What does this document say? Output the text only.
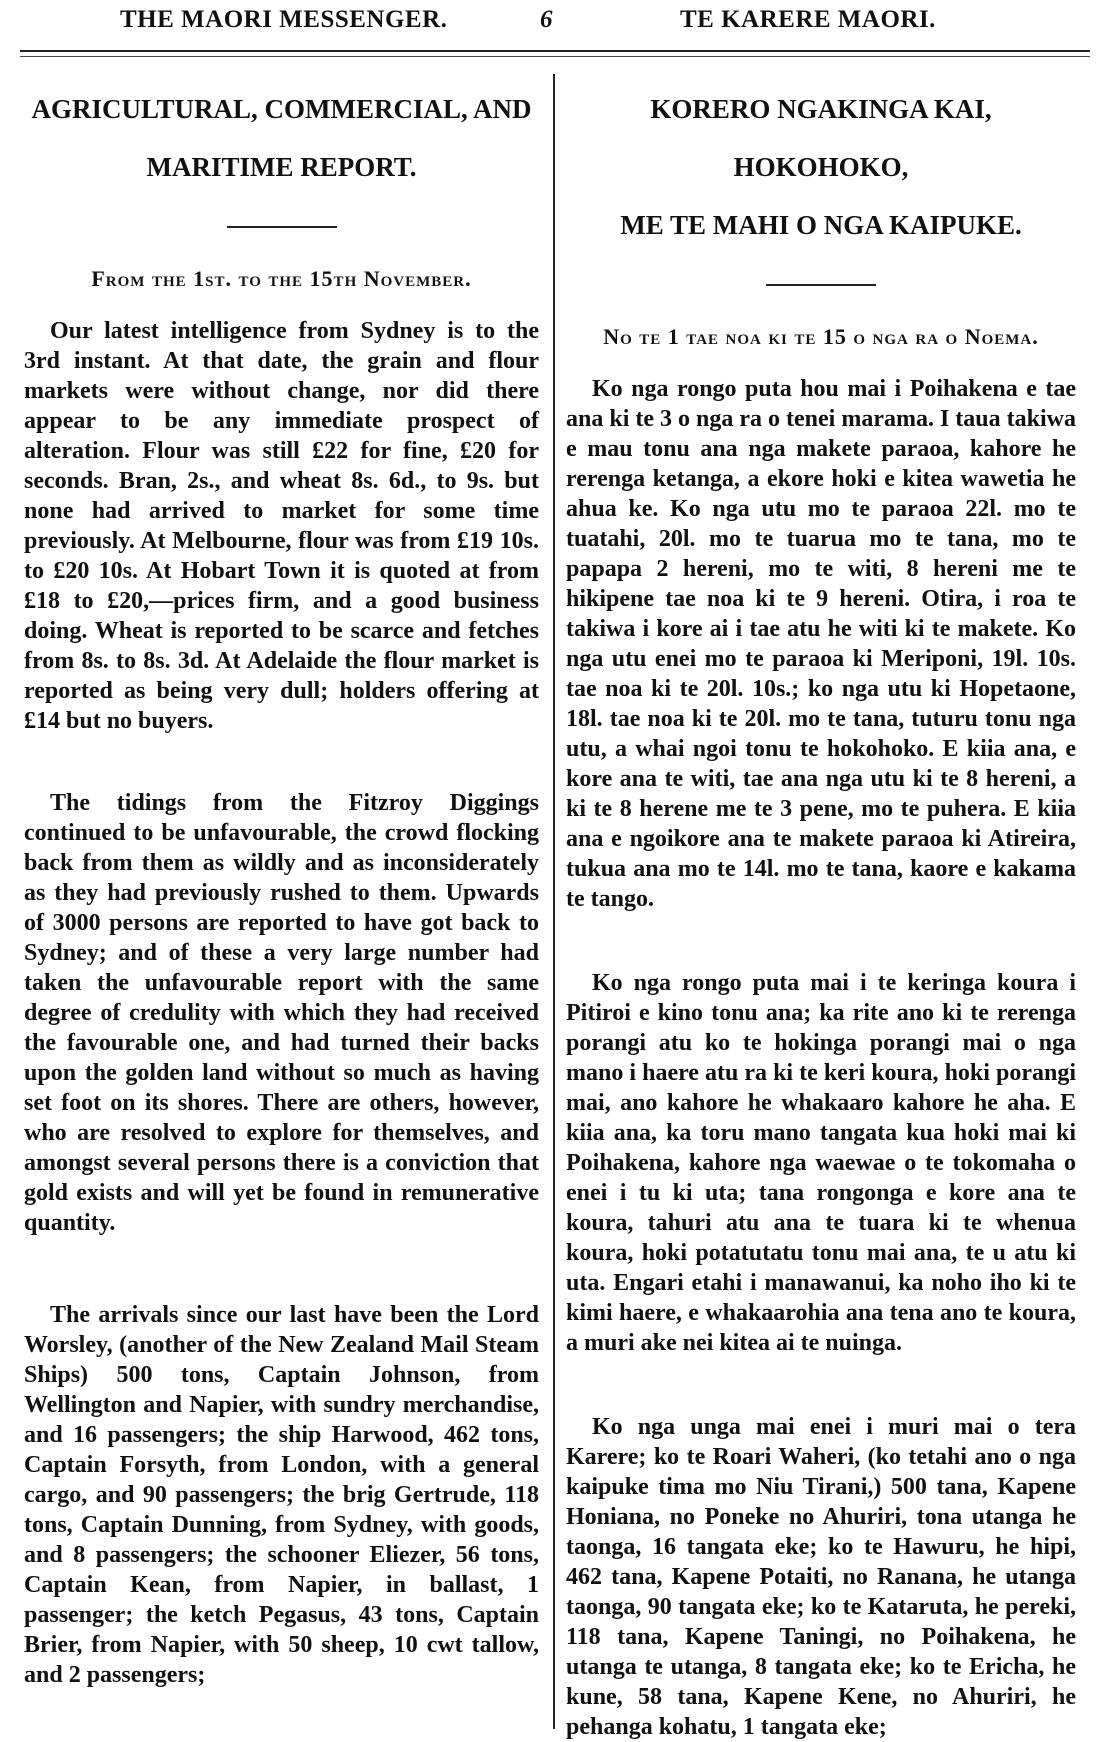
THE MAORI MESSENGER.	6	TE KARERE MAORI.

AGRICULTURAL, COMMERCIAL, AND

MARITIME REPORT.

From the 1st. to the 15th November.

Our latest intelligence from Sydney is to the 3rd instant. At that date, the grain and flour markets were without change, nor did there appear to be any immediate prospect of alteration. Flour was still £22 for fine, £20 for seconds. Bran, 2s., and wheat 8s. 6d., to 9s. but none had arrived to market for some time previously. At Melbourne, flour was from £19 10s. to £20 10s. At Hobart Town it is quoted at from £18 to £20,—prices firm, and a good business doing. Wheat is reported to be scarce and fetches from 8s. to 8s. 3d. At Adelaide the flour market is reported as being very dull; holders offering at £14 but no buyers.

The tidings from the Fitzroy Diggings continued to be unfavourable, the crowd flocking back from them as wildly and as inconsiderately as they had previously rushed to them. Upwards of 3000 persons are reported to have got back to Sydney; and of these a very large number had taken the unfavourable report with the same degree of credulity with which they had received the favourable one, and had turned their backs upon the golden land without so much as having set foot on its shores. There are others, however, who are resolved to explore for themselves, and amongst several persons there is a conviction that gold exists and will yet be found in remunerative quantity.

The arrivals since our last have been the Lord Worsley, (another of the New Zealand Mail Steam Ships) 500 tons, Captain Johnson, from Wellington and Napier, with sundry merchandise, and 16 passengers; the ship Harwood, 462 tons, Captain Forsyth, from London, with a general cargo, and 90 passengers; the brig Gertrude, 118 tons, Captain Dunning, from Sydney, with goods, and 8 passengers; the schooner Eliezer, 56 tons, Captain Kean, from Napier, in ballast, 1 passenger; the ketch Pegasus, 43 tons, Captain Brier, from Napier, with 50 sheep, 10 cwt tallow, and 2 passengers;

KORERO NGAKINGA KAI, HOKOHOKO,

ME TE MAHI O NGA KAIPUKE.

No te 1 tae noa ki te 15 o nga ra o Noema.

Ko nga rongo puta hou mai i Poihakena e tae ana ki te 3 o nga ra o tenei marama. I taua takiwa e mau tonu ana nga makete paraoa, kahore he rerenga ketanga, a ekore hoki e kitea wawetia he ahua ke. Ko nga utu mo te paraoa 22l. mo te tuatahi, 20l. mo te tuarua mo te tana, mo te papapa 2 hereni, mo te witi, 8 hereni me te hikipene tae noa ki te 9 hereni. Otira, i roa te takiwa i kore ai i tae atu he witi ki te makete. Ko nga utu enei mo te paraoa ki Meriponi, 19l. 10s. tae noa ki te 20l. 10s.; ko nga utu ki Hopetaone, 18l. tae noa ki te 20l. mo te tana, tuturu tonu nga utu, a whai ngoi tonu te hokohoko. E kiia ana, e kore ana te witi, tae ana nga utu ki te 8 hereni, a ki te 8 herene me te 3 pene, mo te puhera. E kiia ana e ngoikore ana te makete paraoa ki Atireira, tukua ana mo te 14l. mo te tana, kaore e kakama te tango.

Ko nga rongo puta mai i te keringa koura i Pitiroi e kino tonu ana; ka rite ano ki te rerenga porangi atu ko te hokinga porangi mai o nga mano i haere atu ra ki te keri koura, hoki porangi mai, ano kahore he whakaaro kahore he aha. E kiia ana, ka toru mano tangata kua hoki mai ki Poihakena, kahore nga waewae o te tokomaha o enei i tu ki uta; tana rongonga e kore ana te koura, tahuri atu ana te tuara ki te whenua koura, hoki potatutatu tonu mai ana, te u atu ki uta. Engari etahi i manawanui, ka noho iho ki te kimi haere, e whakaarohia ana tena ano te koura, a muri ake nei kitea ai te nuinga.

Ko nga unga mai enei i muri mai o tera Karere; ko te Roari Waheri, (ko tetahi ano o nga kaipuke tima mo Niu Tirani,) 500 tana, Kapene Honiana, no Poneke no Ahuriri, tona utanga he taonga, 16 tangata eke; ko te Hawuru, he hipi, 462 tana, Kapene Potaiti, no Ranana, he utanga taonga, 90 tangata eke; ko te Kataruta, he pereki, 118 tana, Kapene Taningi, no Poihakena, he utanga te utanga, 8 tangata eke; ko te Ericha, he kune, 58 tana, Kapene Kene, no Ahuriri, he pehanga kohatu, 1 tangata eke;
